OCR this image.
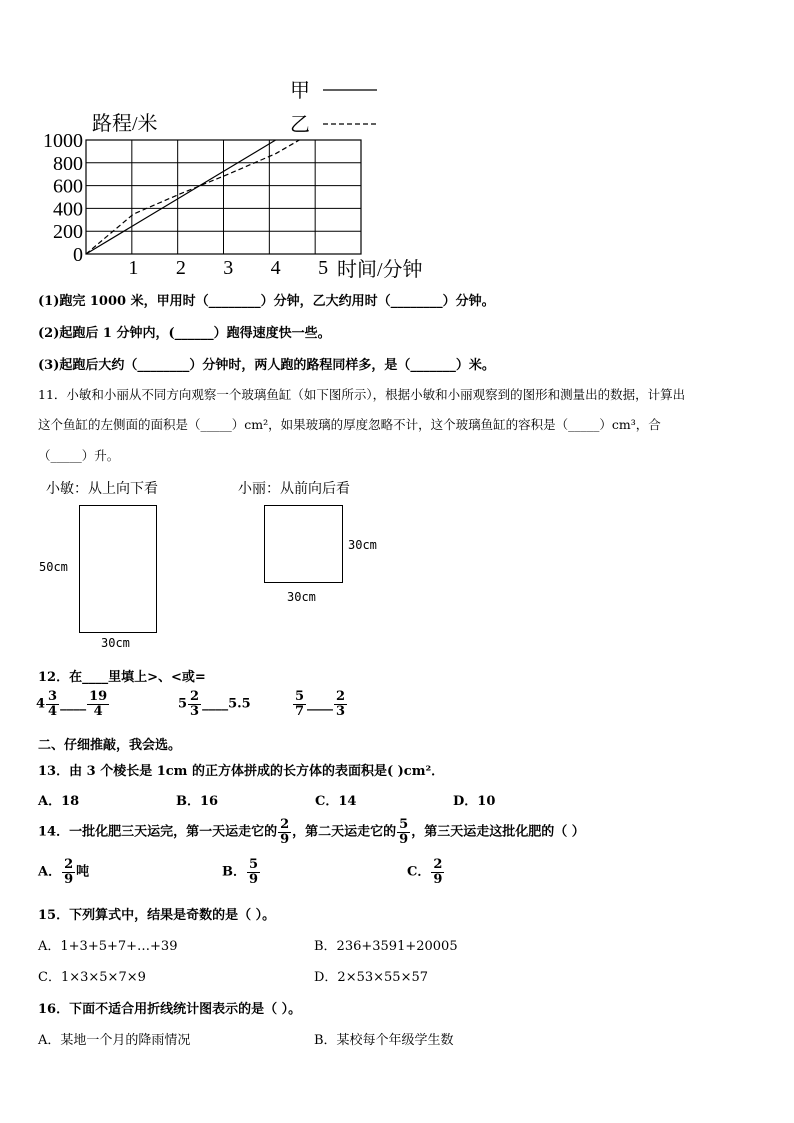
0
200
400
600
800
1000
1 2 3 4 5
路程/米
时间/分钟
甲
乙
(1)跑完 1000 米，甲用时（________）分钟，乙大约用时（________）分钟。
(2)起跑后 1 分钟内，(______）跑得速度快一些。
(3)起跑后大约（________）分钟时，两人跑的路程同样多，是（_______）米。
11．小敏和小丽从不同方向观察一个玻璃鱼缸（如下图所示），根据小敏和小丽观察到的图形和测量出的数据，计算出
这个鱼缸的左侧面的面积是（_____）cm²，如果玻璃的厚度忽略不计，这个玻璃鱼缸的容积是（_____）cm³，合
（_____）升。
小敏：从上向下看	小丽：从前向后看
50cm
30cm
30cm
30cm
12．在____里填上>、<或=
$4 \frac{3}{4}$ ____ $\frac{19}{4}$	$5 \frac{2}{3}$ ____5.5	$\frac{5}{7}$ ____ $\frac{2}{3}$
二、仔细推敲，我会选。
13．由 3 个棱长是 1cm 的正方体拼成的长方体的表面积是( )cm²．
A．18	B．16	C．14	D．10
14．一批化肥三天运完，第一天运走它的 $\frac{2}{9}$ ，第二天运走它的 $\frac{5}{9}$ ，第三天运走这批化肥的（ ）
A． $\frac{2}{9}$ 吨	B． $\frac{5}{9}$	C． $\frac{2}{9}$
15．下列算式中，结果是奇数的是（ ）。
A．1+3+5+7+…+39	B．236+3591+20005
C．1×3×5×7×9	D．2×53×55×57
16．下面不适合用折线统计图表示的是（ ）。
A．某地一个月的降雨情况	B．某校每个年级学生数
